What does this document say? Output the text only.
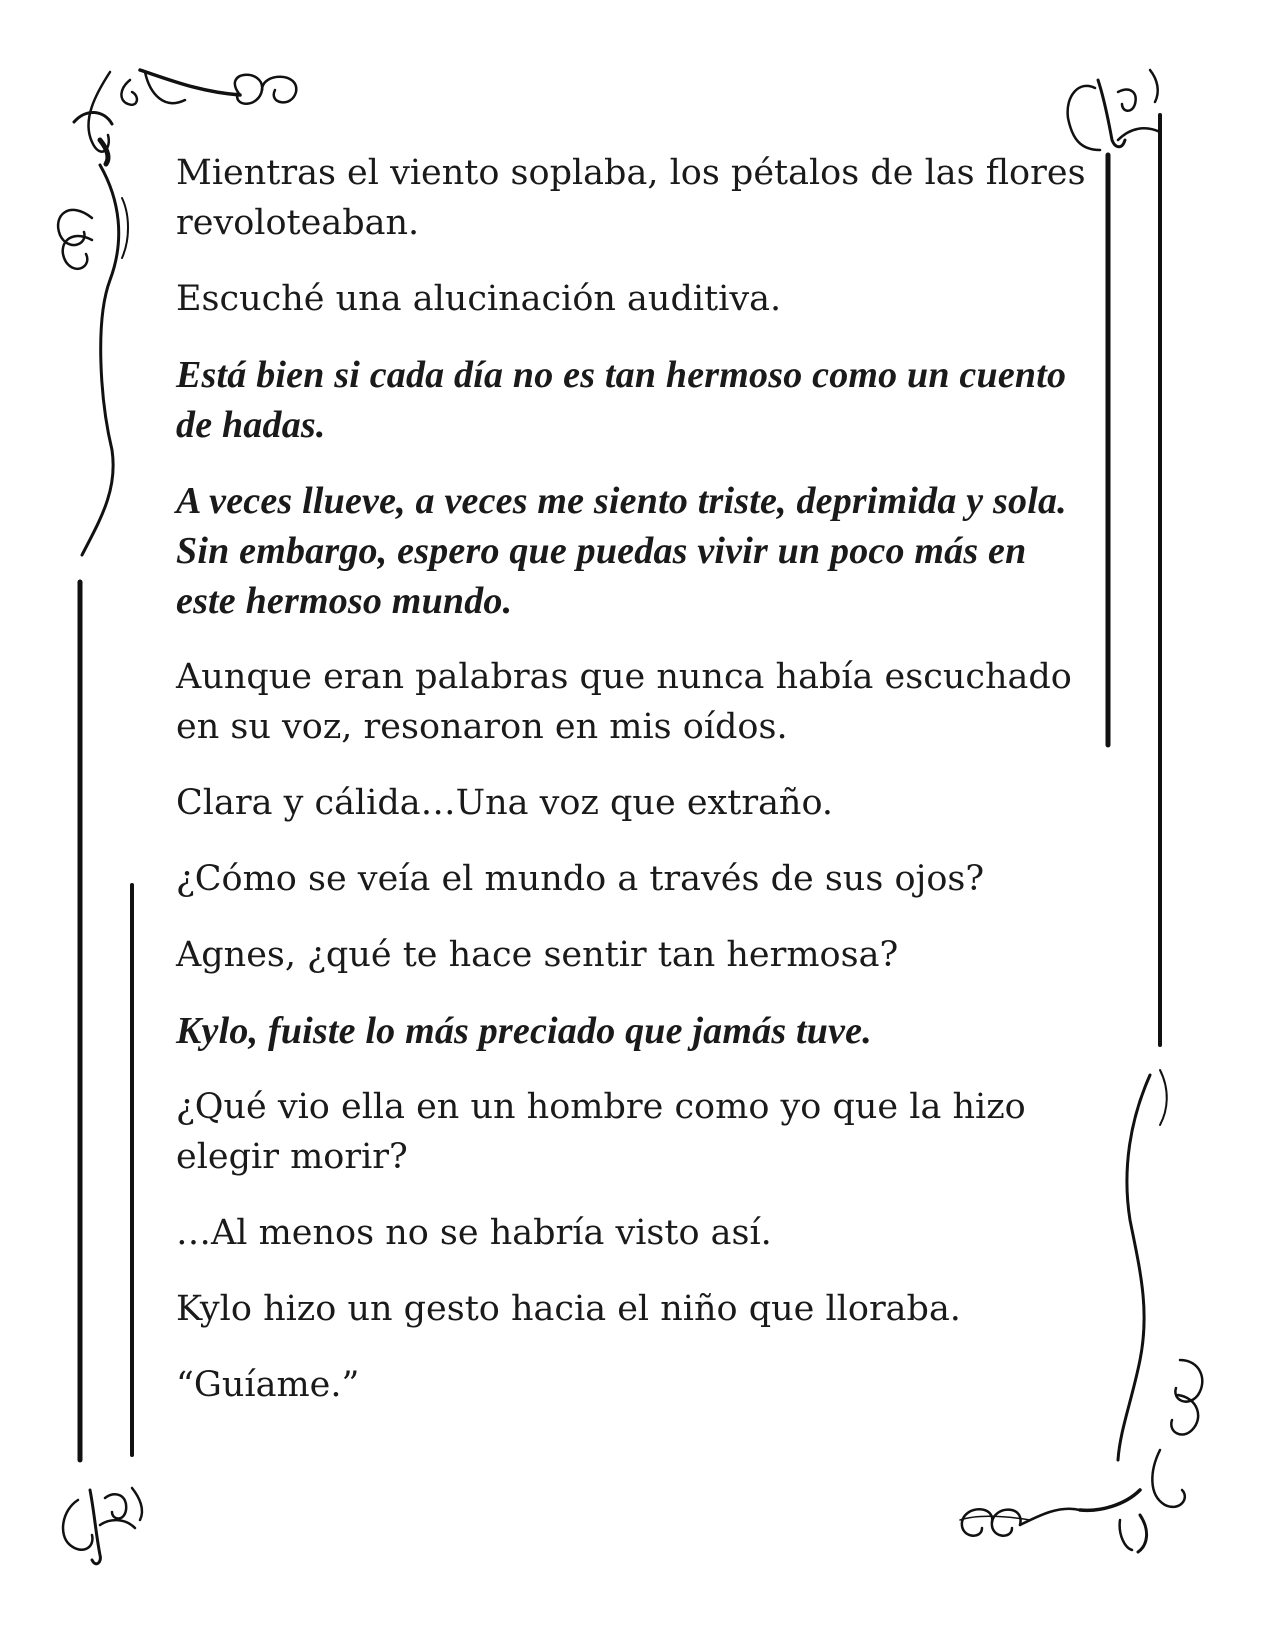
Mientras el viento soplaba, los pétalos de las flores revoloteaban.

Escuché una alucinación auditiva.

Está bien si cada día no es tan hermoso como un cuento de hadas.

A veces llueve, a veces me siento triste, deprimida y sola. Sin embargo, espero que puedas vivir un poco más en este hermoso mundo.

Aunque eran palabras que nunca había escuchado en su voz, resonaron en mis oídos.

Clara y cálida…Una voz que extraño.

¿Cómo se veía el mundo a través de sus ojos?

Agnes, ¿qué te hace sentir tan hermosa?

Kylo, fuiste lo más preciado que jamás tuve.

¿Qué vio ella en un hombre como yo que la hizo elegir morir?

…Al menos no se habría visto así.

Kylo hizo un gesto hacia el niño que lloraba.

“Guíame.”
